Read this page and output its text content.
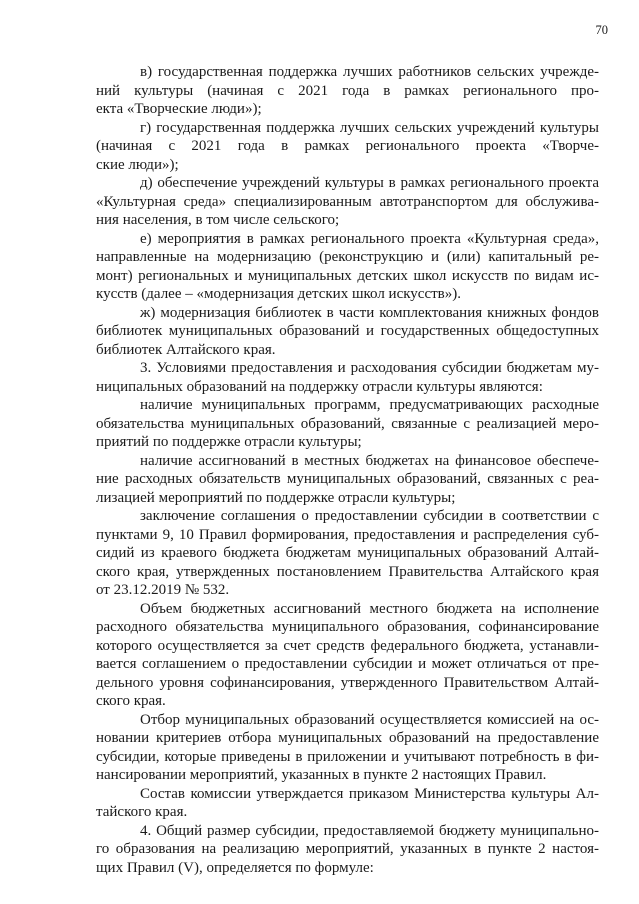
70
в) государственная поддержка лучших работников сельских учрежде-
ний культуры (начиная с 2021 года в рамках регионального про-
екта «Творческие люди»);
г) государственная поддержка лучших сельских учреждений культуры
(начиная с 2021 года в рамках регионального проекта «Творче-
ские люди»);
д) обеспечение учреждений культуры в рамках регионального проекта
«Культурная среда» специализированным автотранспортом для обслужива-
ния населения, в том числе сельского;
е) мероприятия в рамках регионального проекта «Культурная среда»,
направленные на модернизацию (реконструкцию и (или) капитальный ре-
монт) региональных и муниципальных детских школ искусств по видам ис-
кусств (далее – «модернизация детских школ искусств»).
ж) модернизация библиотек в части комплектования книжных фондов
библиотек муниципальных образований и государственных общедоступных
библиотек Алтайского края.
3. Условиями предоставления и расходования субсидии бюджетам му-
ниципальных образований на поддержку отрасли культуры являются:
наличие муниципальных программ, предусматривающих расходные
обязательства муниципальных образований, связанные с реализацией меро-
приятий по поддержке отрасли культуры;
наличие ассигнований в местных бюджетах на финансовое обеспече-
ние расходных обязательств муниципальных образований, связанных с реа-
лизацией мероприятий по поддержке отрасли культуры;
заключение соглашения о предоставлении субсидии в соответствии с
пунктами 9, 10 Правил формирования, предоставления и распределения суб-
сидий из краевого бюджета бюджетам муниципальных образований Алтай-
ского края, утвержденных постановлением Правительства Алтайского края
от 23.12.2019 № 532.
Объем бюджетных ассигнований местного бюджета на исполнение
расходного обязательства муниципального образования, софинансирование
которого осуществляется за счет средств федерального бюджета, устанавли-
вается соглашением о предоставлении субсидии и может отличаться от пре-
дельного уровня софинансирования, утвержденного Правительством Алтай-
ского края.
Отбор муниципальных образований осуществляется комиссией на ос-
новании критериев отбора муниципальных образований на предоставление
субсидии, которые приведены в приложении и учитывают потребность в фи-
нансировании мероприятий, указанных в пункте 2 настоящих Правил.
Состав комиссии утверждается приказом Министерства культуры Ал-
тайского края.
4. Общий размер субсидии, предоставляемой бюджету муниципально-
го образования на реализацию мероприятий, указанных в пункте 2 настоя-
щих Правил (V), определяется по формуле:
